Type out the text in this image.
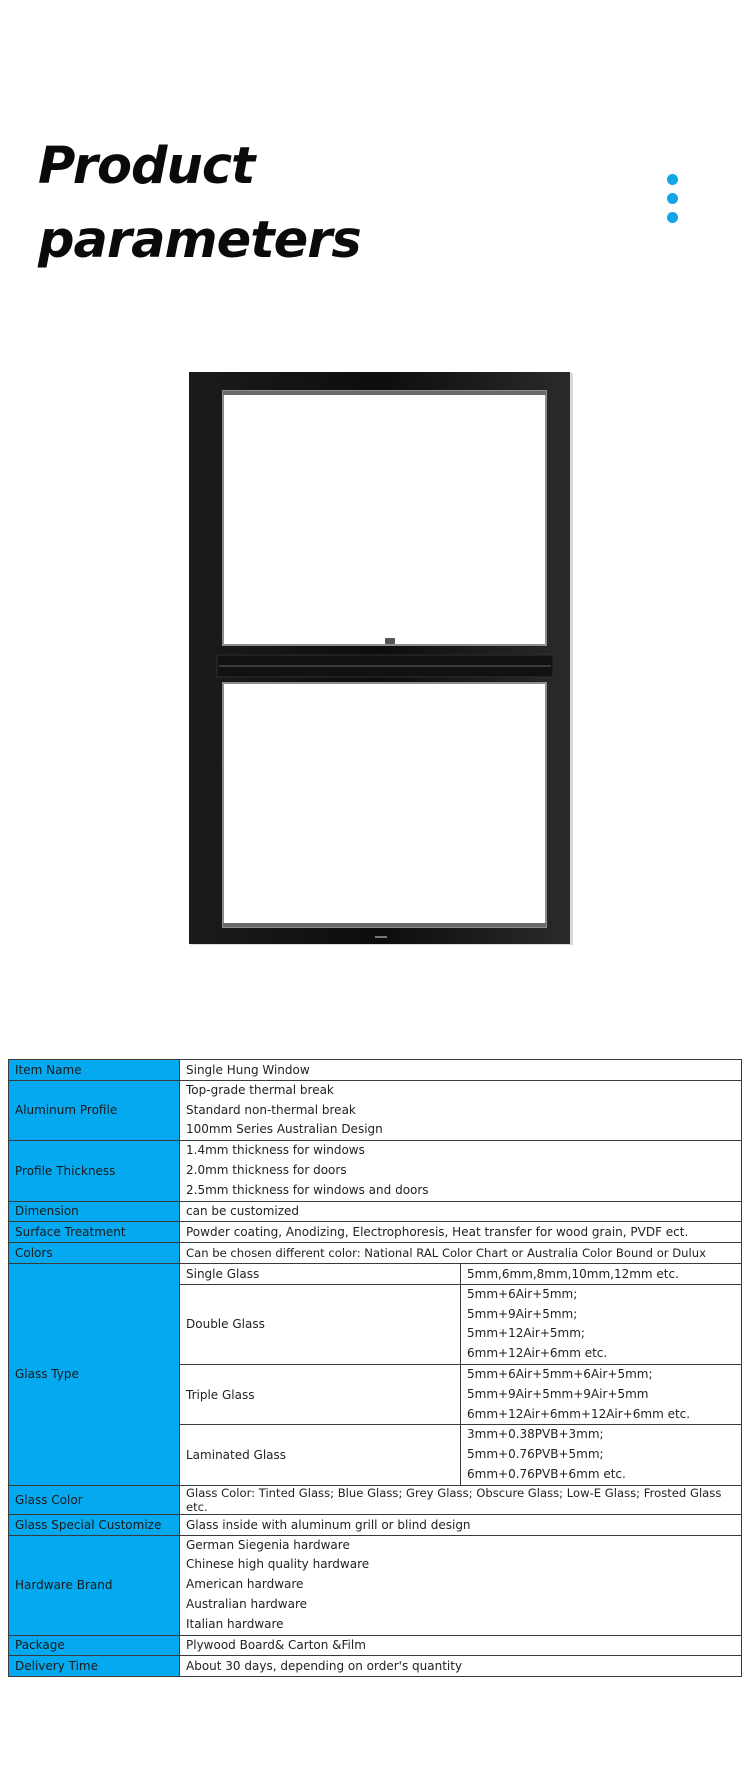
Product
parameters
Item Name	Single Hung Window	
Aluminum Profile	Top-grade thermal break
Standard non-thermal break
100mm Series Australian Design	

Profile Thickness	1.4mm thickness for windows
2.0mm thickness for doors
2.5mm thickness for windows and doors	

Dimension	can be customized	
Surface Treatment	Powder coating, Anodizing, Electrophoresis, Heat transfer for wood grain, PVDF ect.	
Colors	Can be chosen different color: National RAL Color Chart or Australia Color Bound or Dulux	
Glass Type	Single Glass	5mm,6mm,8mm,10mm,12mm etc.
	Double Glass	5mm+6Air+5mm;
5mm+9Air+5mm;
5mm+12Air+5mm;
6mm+12Air+6mm etc.

	Triple Glass	5mm+6Air+5mm+6Air+5mm;
5mm+9Air+5mm+9Air+5mm
6mm+12Air+6mm+12Air+6mm etc.

	Laminated Glass	3mm+0.38PVB+3mm;
5mm+0.76PVB+5mm;
6mm+0.76PVB+6mm etc.

Glass Color	Glass Color: Tinted Glass; Blue Glass; Grey Glass; Obscure Glass; Low-E Glass; Frosted Glass etc.	
Glass Special Customize	Glass inside with aluminum grill or blind design	
Hardware Brand	German Siegenia hardware
Chinese high quality hardware
American hardware
Australian hardware
Italian hardware	

Package	Plywood Board& Carton &Film	
Delivery Time	About 30 days, depending on order's quantity	
